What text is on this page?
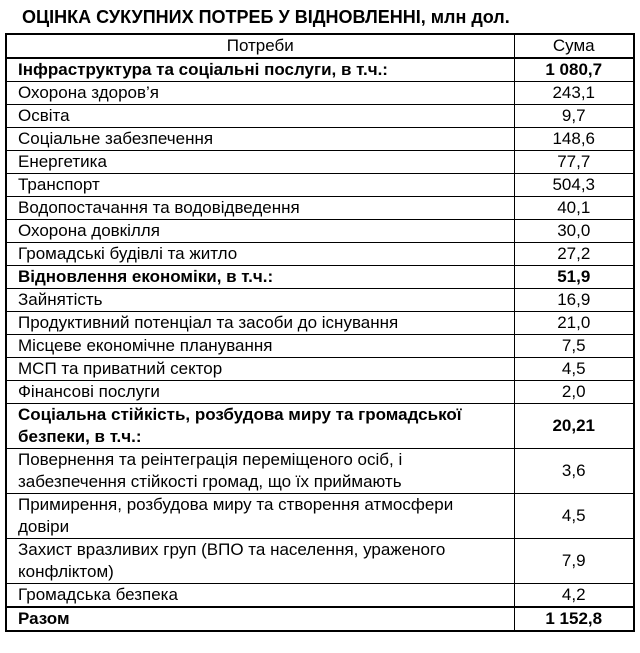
ОЦІНКА СУКУПНИХ ПОТРЕБ У ВІДНОВЛЕННІ, млн дол.
Потреби	Сума
Інфраструктура та соціальні послуги, в т.ч.:	1 080,7
Охорона здоров’я	243,1
Освіта	9,7
Соціальне забезпечення	148,6
Енергетика	77,7
Транспорт	504,3
Водопостачання та водовідведення	40,1
Охорона довкілля	30,0
Громадські будівлі та житло	27,2
Відновлення економіки, в т.ч.:	51,9
Зайнятість	16,9
Продуктивний потенціал та засоби до існування	21,0
Місцеве економічне планування	7,5
МСП та приватний сектор	4,5
Фінансові послуги	2,0
Соціальна стійкість, розбудова миру та громадської безпеки, в т.ч.:	20,21
Повернення та реінтеграція переміщеного осіб, і забезпечення стійкості громад, що їх приймають	3,6
Примирення, розбудова миру та створення атмосфери довіри	4,5
Захист вразливих груп (ВПО та населення, ураженого конфліктом)	7,9
Громадська безпека	4,2
Разом	1 152,8
